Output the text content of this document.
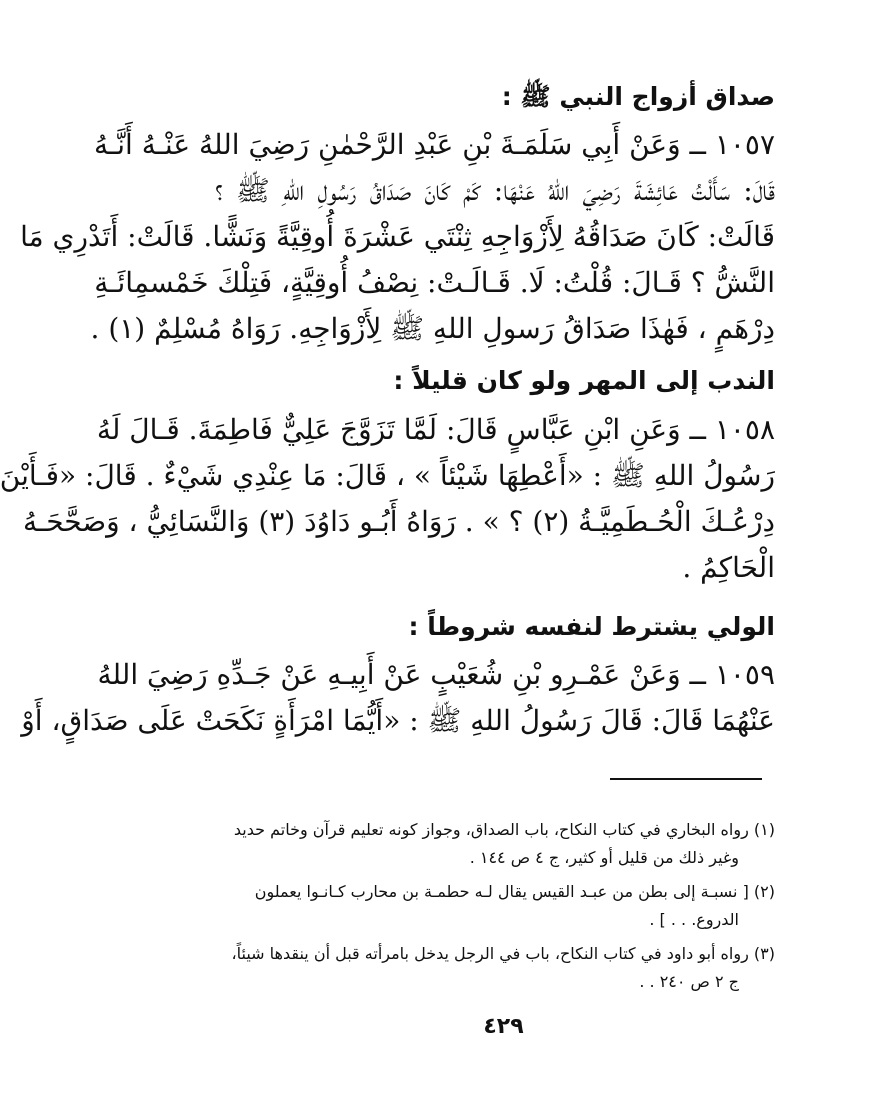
صداق أزواج النبي ﷺ :
١٠٥٧ ــ وَعَنْ أَبِي سَلَمَـةَ بْنِ عَبْدِ الرَّحْمٰنِ رَضِيَ اللهُ عَنْـهُ أَنَّـهُ
قَالَ: سَأَلْتُ عَائِشَةَ رَضِيَ اللهُ عَنْهَا: كَمْ كَانَ صَدَاقُ رَسُولِ اللهِ ﷺ ؟
قَالَتْ: كَانَ صَدَاقُهُ لِأَزْوَاجِهِ ثِنْتَي عَشْرَةَ أُوقِيَّةً وَنَشًّا. قَالَتْ: أَتَدْرِي مَا
النَّشُّ ؟ قَـالَ: قُلْتُ: لَا. قَـالَـتْ: نِصْفُ أُوقِيَّةٍ، فَتِلْكَ خَمْسمِائَـةِ
دِرْهَمٍ ، فَهٰذَا صَدَاقُ رَسولِ اللهِ ﷺ لِأَزْوَاجِهِ. رَوَاهُ مُسْلِمٌ (١) .
الندب إلى المهر ولو كان قليلاً :
١٠٥٨ ــ وَعَنِ ابْنِ عَبَّاسٍ قَالَ: لَمَّا تَزَوَّجَ عَلِيٌّ فَاطِمَةَ. قَـالَ لَهُ
رَسُولُ اللهِ ﷺ : «أَعْطِهَا شَيْئاً » ، قَالَ: مَا عِنْدِي شَيْءٌ . قَالَ: «فَـأَيْنَ
دِرْعُـكَ الْحُـطَمِيَّـةُ (٢) ؟ » . رَوَاهُ أَبُـو دَاوُدَ (٣) وَالنَّسَائِيُّ ، وَصَحَّحَـهُ
الْحَاكِمُ .
الولي يشترط لنفسه شروطاً :
١٠٥٩ ــ وَعَنْ عَمْـرِو بْنِ شُعَيْبٍ عَنْ أَبِيـهِ عَنْ جَـدِّهِ رَضِيَ اللهُ
عَنْهُمَا قَالَ: قَالَ رَسُولُ اللهِ ﷺ : «أَيُّمَا امْرَأَةٍ نَكَحَتْ عَلَى صَدَاقٍ، أَوْ
(١) رواه البخاري في كتاب النكاح، باب الصداق، وجواز كونه تعليم قرآن وخاتم حديد
وغير ذلك من قليل أو كثير، ج ٤ ص ١٤٤ .
(٢) [ نسبـة إلى بطن من عبـد القيس يقال لـه حطمـة بن محارب كـانـوا يعملون
الدروع. . . ] .
(٣) رواه أبو داود في كتاب النكاح، باب في الرجل يدخل بامرأته قبل أن ينقدها شيئاً،
ج ٢ ص ٢٤٠ . .
٤٢٩
